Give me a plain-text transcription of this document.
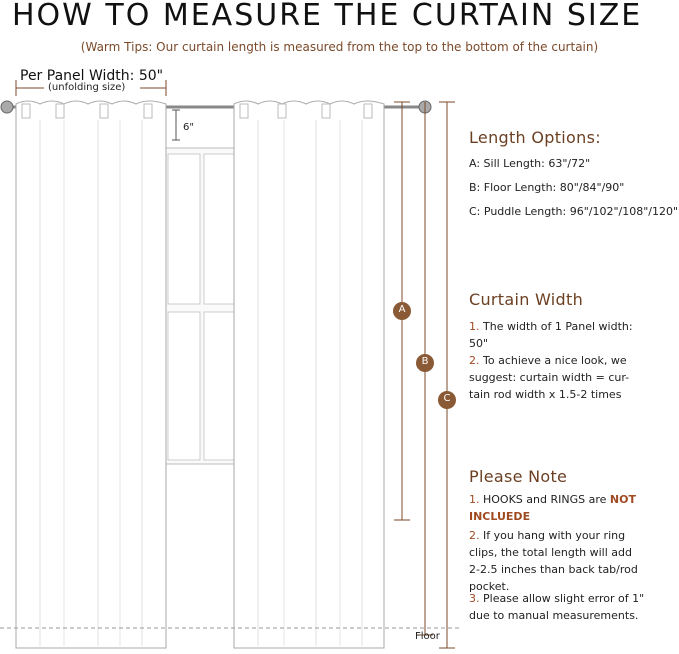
HOW TO MEASURE THE CURTAIN SIZE
(Warm Tips: Our curtain length is measured from the top to the bottom of the curtain)
Per Panel Width: 50"
(unfolding size)
6"
Floor
A
B
C
Length Options:
A: Sill Length: 63"/72"
B: Floor Length: 80"/84"/90"
C: Puddle Length: 96"/102"/108"/120"
Curtain Width
1. The width of 1 Panel width:
50"
2. To achieve a nice look, we
suggest: curtain width = cur-
tain rod width x 1.5-2 times
Please Note
1. HOOKS and RINGS are NOT
INCLUEDE
2. If you hang with your ring
clips, the total length will add
2-2.5 inches than back tab/rod
pocket.
3. Please allow slight error of 1"
due to manual measurements.
